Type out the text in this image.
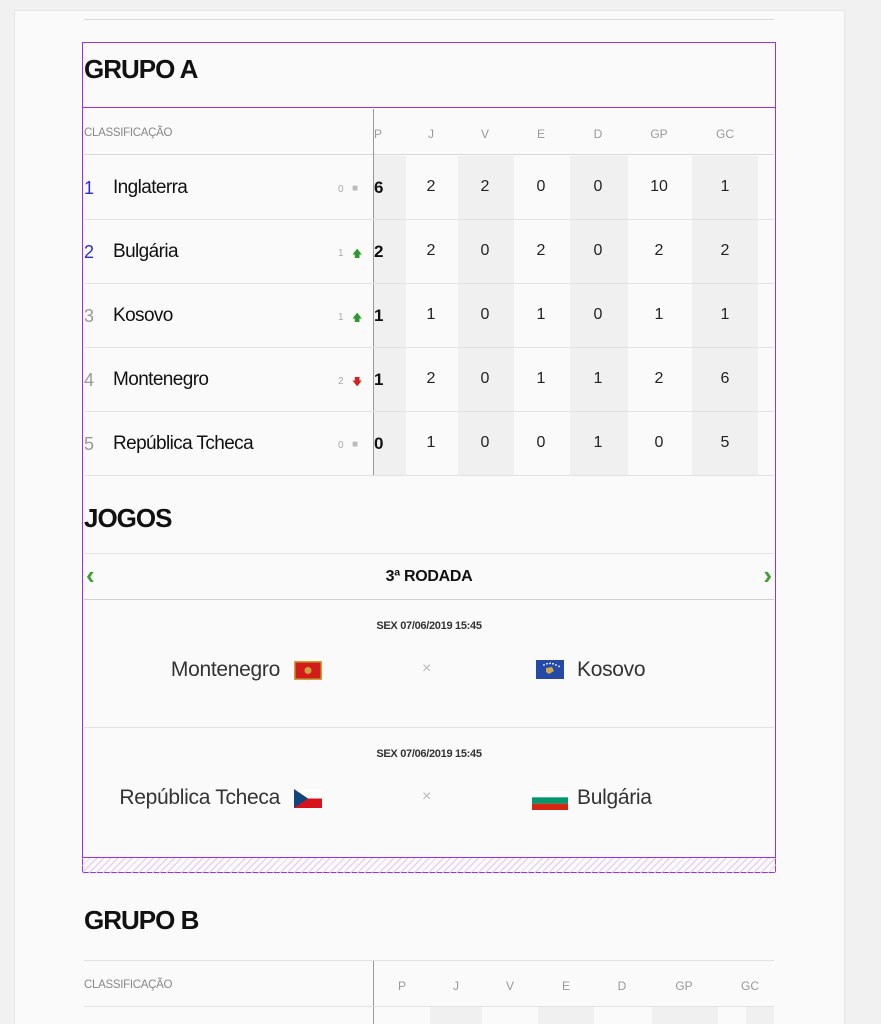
GRUPO A
CLASSIFICAÇÃO	P	J	V	E	D	GP	GC
1 Inglaterra	0 ■ 6	2	2	0	0	10	1
2 Bulgária	1 🡅 2	2	0	2	0	2	2
3 Kosovo	1 🡅 1	1	0	1	0	1	1
4 Montenegro	2 🡇 1	2	0	1	1	2	6
5 República Tcheca	0 ■ 0	1	0	0	1	0	5
JOGOS
‹	3ª RODADA	›
SEX 07/06/2019 15:45
Montenegro	×	Kosovo
SEX 07/06/2019 15:45
República Tcheca	×	Bulgária
GRUPO B
CLASSIFICAÇÃO	P	J	V	E	D	GP	GC
